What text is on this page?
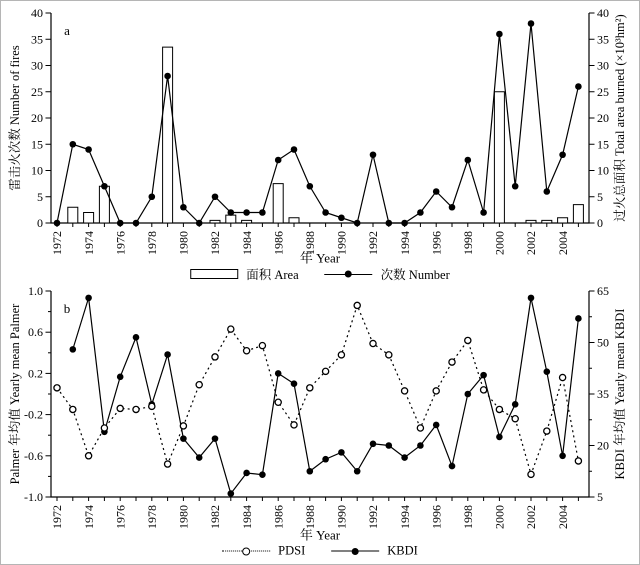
0	0
5	5
10	10
15	15
20	20
25	25
30	30
35	35
40	40
1972 1974 1976 1978 1980 1982 1984 1986 1988 1990 1992 1994 1996 1998 2000 2002 2004
a
1.0
0.6
0.2
-0.2
-0.6
-1.0
65
50
35
20
5
1972 1974 1976 1978 1980 1982 1984 1986 1988 1990 1992 1994 1996 1998 2000 2002 2004
b
雷击火次数 Number of fires	过火总面积 Total area burned (×10³hm²)
Palmer 年均值 Yearly mean Palmer	KBDI 年均值 Yearly mean KBDI
年 Year
年 Year
面积 Area	次数 Number
PDSI	KBDI
